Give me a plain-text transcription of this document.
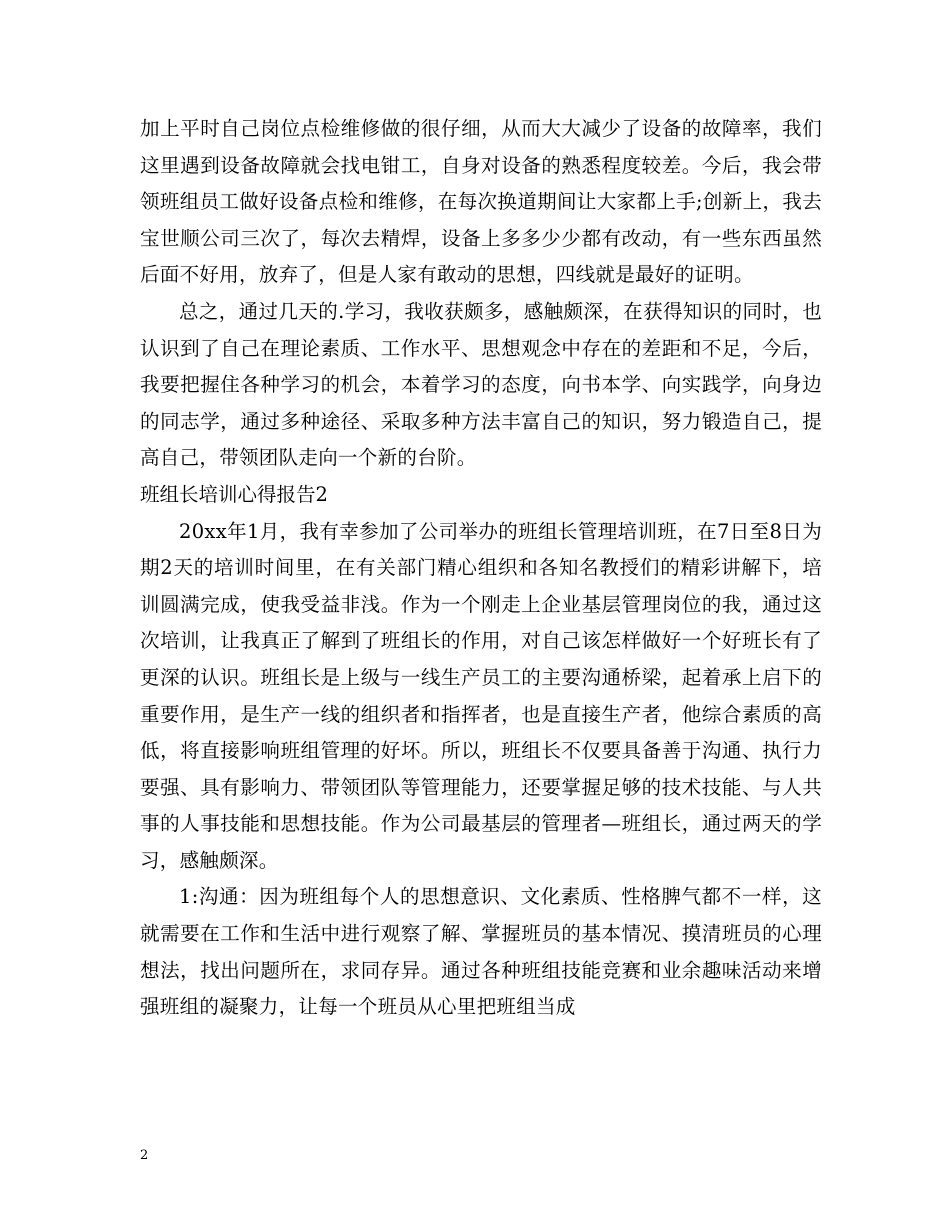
加上平时自己岗位点检维修做的很仔细，从而大大减少了设备的故障率，我们这里遇到设备故障就会找电钳工，自身对设备的熟悉程度较差。今后，我会带领班组员工做好设备点检和维修，在每次换道期间让大家都上手;创新上，我去宝世顺公司三次了，每次去精焊，设备上多多少少都有改动，有一些东西虽然后面不好用，放弃了，但是人家有敢动的思想，四线就是最好的证明。

总之，通过几天的.学习，我收获颇多，感触颇深，在获得知识的同时，也认识到了自己在理论素质、工作水平、思想观念中存在的差距和不足，今后，我要把握住各种学习的机会，本着学习的态度，向书本学、向实践学，向身边的同志学，通过多种途径、采取多种方法丰富自己的知识，努力锻造自己，提高自己，带领团队走向一个新的台阶。

班组长培训心得报告2

20xx年1月，我有幸参加了公司举办的班组长管理培训班，在7日至8日为期2天的培训时间里，在有关部门精心组织和各知名教授们的精彩讲解下，培训圆满完成，使我受益非浅。作为一个刚走上企业基层管理岗位的我，通过这次培训，让我真正了解到了班组长的作用，对自己该怎样做好一个好班长有了更深的认识。班组长是上级与一线生产员工的主要沟通桥梁，起着承上启下的重要作用，是生产一线的组织者和指挥者，也是直接生产者，他综合素质的高低，将直接影响班组管理的好坏。所以，班组长不仅要具备善于沟通、执行力要强、具有影响力、带领团队等管理能力，还要掌握足够的技术技能、与人共事的人事技能和思想技能。作为公司最基层的管理者—班组长，通过两天的学习，感触颇深。

1:沟通：因为班组每个人的思想意识、文化素质、性格脾气都不一样，这就需要在工作和生活中进行观察了解、掌握班员的基本情况、摸清班员的心理想法，找出问题所在，求同存异。通过各种班组技能竞赛和业余趣味活动来增强班组的凝聚力，让每一个班员从心里把班组当成

2
